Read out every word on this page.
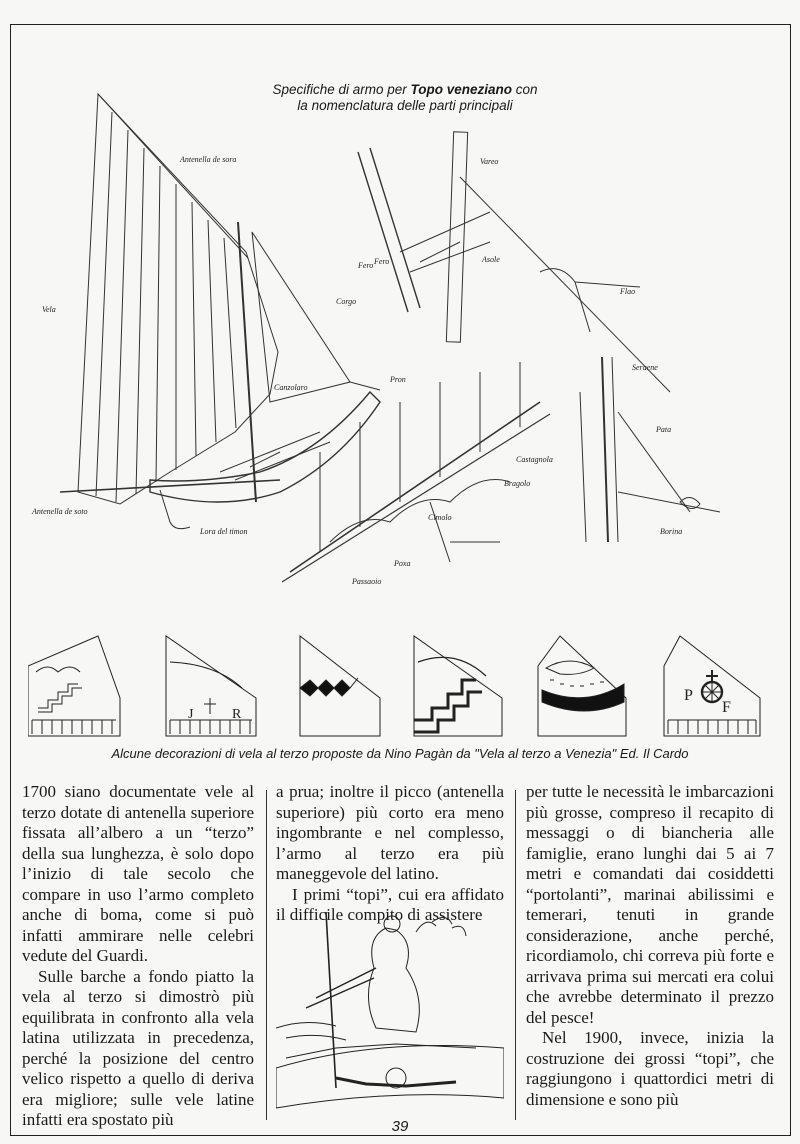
Specifiche di armo per Topo veneziano con
la nomenclatura delle parti principali
Antenella de sora
Vela
Antenella de soto
Fero
Corgo
Pron
Canzolaro
Lora del timon
Vareo
Fero	Asole
Flao
Seraene
Pata
Castagnola
Bragolo
Cimolo
Poxa
Passaoio
Borina
J	R
P
F
Alcune decorazioni di vela al terzo proposte da Nino Pagàn da "Vela al terzo a Venezia" Ed. Il Cardo

1700 siano documentate vele al terzo dotate di antenella superiore fissata all’albero a un “terzo” della sua lunghezza, è solo dopo l’inizio di tale secolo che compare in uso l’armo completo anche di boma, come si può infatti ammirare nelle celebri vedute del Guardi.

Sulle barche a fondo piatto la vela al terzo si dimostrò più equilibrata in confronto alla vela latina utilizzata in precedenza, perché la posizione del centro velico rispetto a quello di deriva era migliore; sulle vele latine infatti era spostato più

a prua; inoltre il picco (antenella superiore) più corto era meno ingombrante e nel complesso, l’armo al terzo era più maneggevole del latino.

I primi “topi”, cui era affidato il difficile compito di assistere

per tutte le necessità le imbarcazioni più grosse, compreso il recapito di messaggi o di biancheria alle famiglie, erano lunghi dai 5 ai 7 metri e comandati dai cosiddetti “portolanti”, marinai abilissimi e temerari, tenuti in grande considerazione, anche perché, ricordiamolo, chi correva più forte e arrivava prima sui mercati era colui che avrebbe determinato il prezzo del pesce!

Nel 1900, invece, inizia la costruzione dei grossi “topi”, che raggiungono i quattordici metri di dimensione e sono più

39
